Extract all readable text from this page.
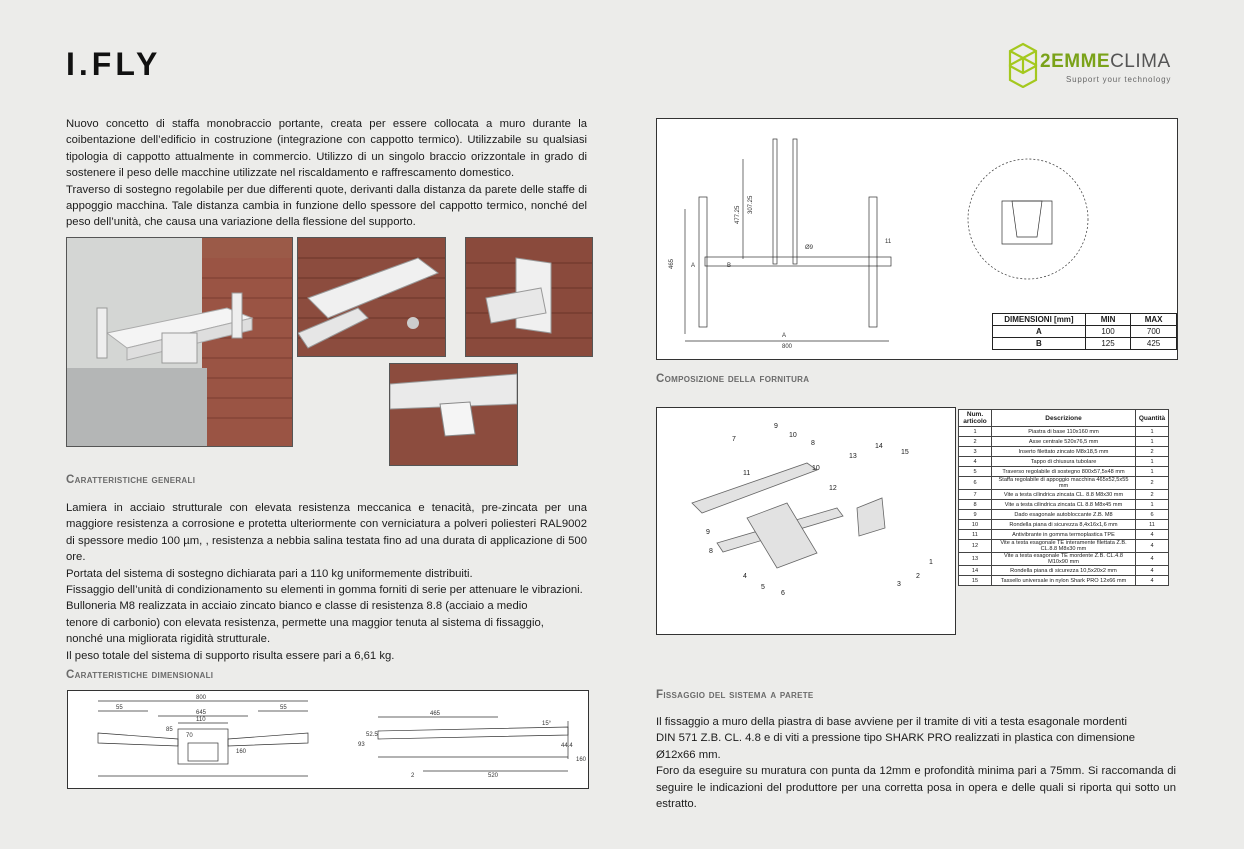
I.FLY	2EMMECLIMA
Support your technology

Nuovo concetto di staffa monobraccio portante, creata per essere collocata a muro durante la coibentazione dell’edificio in costruzione (integrazione con cappotto termico). Utilizzabile su qualsiasi tipologia di cappotto attualmente in commercio. Utilizzo di un singolo braccio orizzontale in grado di sostenere il peso delle macchine utilizzate nel riscaldamento e raffrescamento domestico.

Traverso di sostegno regolabile per due differenti quote, derivanti dalla distanza da parete delle staffe di appoggio macchina. Tale distanza cambia in funzione dello spessore del cappotto termico, nonché del peso dell’unità, che causa una variazione della flessione del supporto.

Caratteristiche generali

Lamiera in acciaio strutturale con elevata resistenza meccanica e tenacità, pre-zincata per una maggiore resistenza a corrosione e protetta ulteriormente con verniciatura a polveri poliesteri RAL9002 di spessore medio 100 µm, , resistenza a nebbia salina testata fino ad una durata di applicazione di 500 ore.

Portata del sistema di sostegno dichiarata pari a 110 kg uniformemente distribuiti.

Fissaggio dell’unità di condizionamento su elementi in gomma forniti di serie per attenuare le vibrazioni.

Bulloneria M8 realizzata in acciaio zincato bianco e classe di resistenza 8.8 (acciaio a medio tenore di carbonio) con elevata resistenza, permette una maggior tenuta al sistema di fissaggio, nonché una migliorata rigidità strutturale.

Il peso totale del sistema di supporto risulta essere pari a 6,61 kg.

Caratteristiche dimensionali
800
55
645
110
55
85
70
160
465
93
52.5
2	520
15°
44.4
160
465	A	B
477.25
307.25
800
A
Ø9
11
DIMENSIONI [mm]	MIN	MAX
A	100	700
B	125	425
Composizione della fornitura
7
9
10
8
10
12
13
14
15
9
8
4
5
6
3
2
1
11
Num. articolo	Descrizione	Quantità
1	Piastra di base 110x160 mm	1
2	Asse centrale 520x76,5 mm	1
3	Inserto filettato zincato M8x18,5 mm	2
4	Tappo di chiusura tubolare	1
5	Traverso regolabile di sostegno 800x57,5x48 mm	1
6	Staffa regolabile di appoggio macchina 465x52,5x55 mm	2
7	Vite a testa cilindrica zincata CL. 8.8 M8x30 mm	2
8	Vite a testa cilindrica zincata CL 8.8 M8x45 mm	1
9	Dado esagonale autobloccante Z.B. M8	6
10	Rondella piana di sicurezza 8,4x16x1,6 mm	11
11	Antivibrante in gomma termoplastica TPE	4
12	Vite a testa esagonale TE interamente filettata Z.B. CL.8.8 M8x30 mm	4
13	Vite a testa esagonale TE mordente Z.B. CL.4.8 M10x90 mm	4
14	Rondella piana di sicurezza 10,5x20x2 mm	4
15	Tassello universale in nylon Shark PRO 12x66 mm	4
Fissaggio del sistema a parete

Il fissaggio a muro della piastra di base avviene per il tramite di viti a testa esagonale mordenti

DIN 571 Z.B. CL. 4.8 e di viti a pressione tipo SHARK PRO realizzati in plastica con dimensione Ø12x66 mm.

Foro da eseguire su muratura con punta da 12mm e profondità minima pari a 75mm. Si raccomanda di seguire le indicazioni del produttore per una corretta posa in opera e delle quali si riporta qui sotto un estratto.
